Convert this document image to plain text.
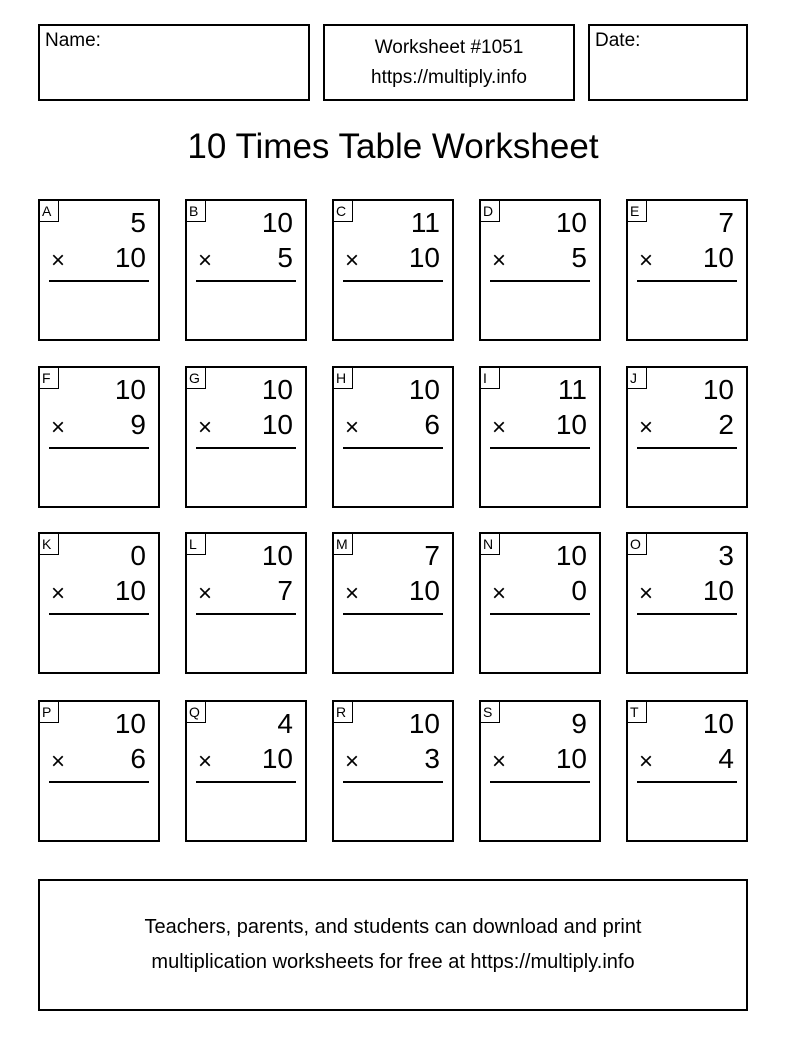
Name:	Worksheet #1051
https://multiply.info
Date:
10 Times Table Worksheet
A	5
× 10
B 10
× 5
C 11
× 10
D 10
× 5
E	7
× 10
F	10
× 9
G 10
× 10
H 10
× 6
I	11
× 10
J	10
× 2
K	0
× 10
L	10
× 7
M	7
× 10
N 10
× 0
O	3
× 10
P 10
× 6
Q	4
× 10
R 10
× 3
S	9
× 10
T	10
× 4
Teachers, parents, and students can download and print
multiplication worksheets for free at https://multiply.info
